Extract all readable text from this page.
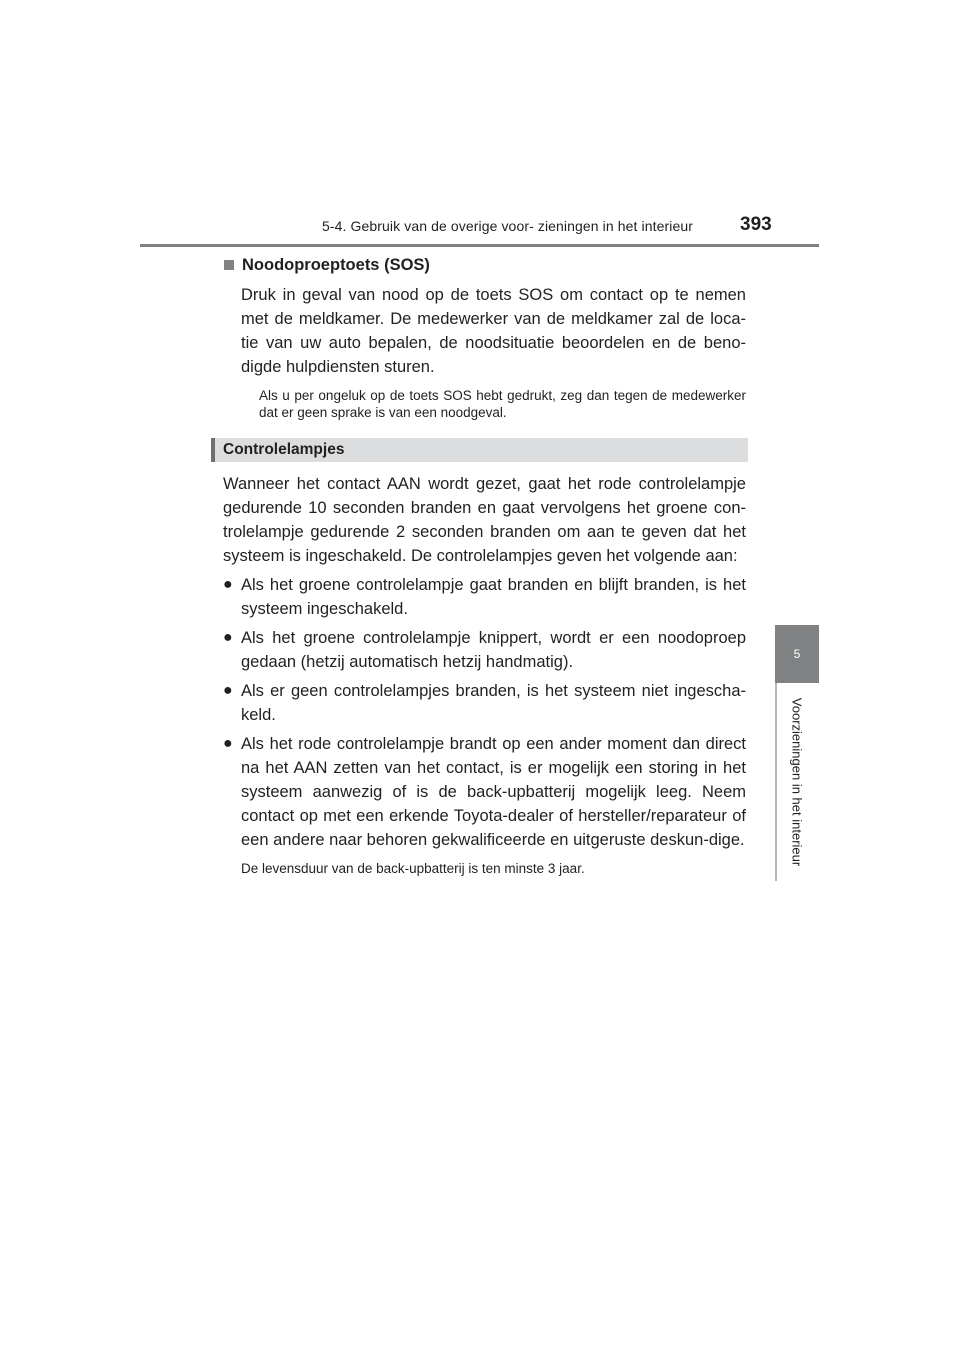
5-4. Gebruik van de overige voor- zieningen in het interieur 393
5
Voorzieningen in het interieur
Noodoproeptoets (SOS)

Druk in geval van nood op de toets SOS om contact op te nemen met de meldkamer. De medewerker van de meldkamer zal de loca-tie van uw auto bepalen, de noodsituatie beoordelen en de beno-digde hulpdiensten sturen.

Als u per ongeluk op de toets SOS hebt gedrukt, zeg dan tegen de medewerker dat er geen sprake is van een noodgeval.

Controlelampjes

Wanneer het contact AAN wordt gezet, gaat het rode controlelampje gedurende 10 seconden branden en gaat vervolgens het groene con-trolelampje gedurende 2 seconden branden om aan te geven dat het systeem is ingeschakeld. De controlelampjes geven het volgende aan:

● Als het groene controlelampje gaat branden en blijft branden, is het systeem ingeschakeld.
● Als het groene controlelampje knippert, wordt er een noodoproep gedaan (hetzij automatisch hetzij handmatig).
● Als er geen controlelampjes branden, is het systeem niet ingescha-keld.
● Als het rode controlelampje brandt op een ander moment dan direct na het AAN zetten van het contact, is er mogelijk een storing in het systeem aanwezig of is de back-upbatterij mogelijk leeg. Neem contact op met een erkende Toyota-dealer of hersteller/reparateur of een andere naar behoren gekwalificeerde en uitgeruste deskun-dige.

De levensduur van de back-upbatterij is ten minste 3 jaar.
